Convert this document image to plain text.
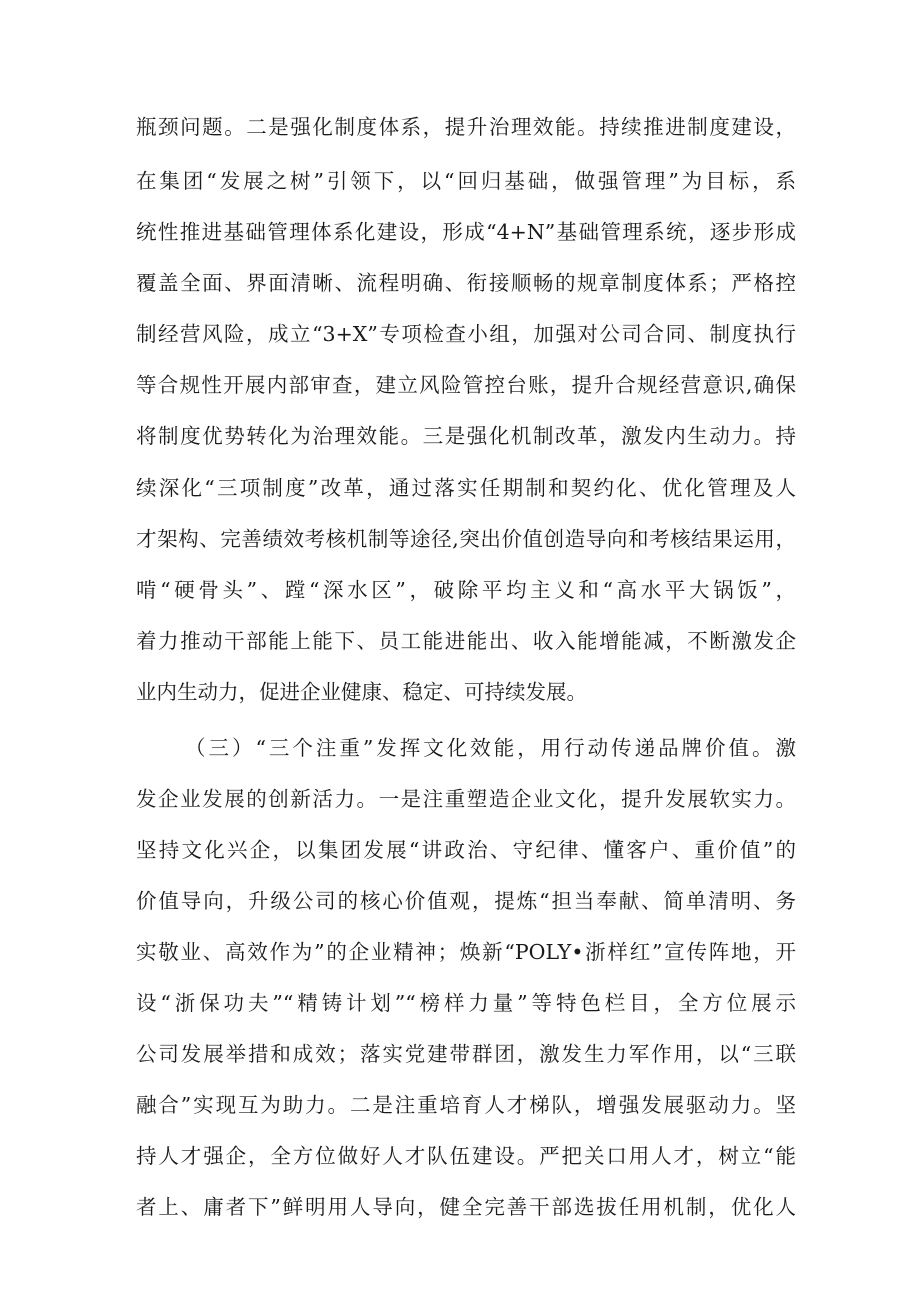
瓶颈问题。二是强化制度体系，提升治理效能。持续推进制度建设，
在集团“发展之树”引领下，以“回归基础，做强管理”为目标，系
统性推进基础管理体系化建设，形成“4+N”基础管理系统，逐步形成
覆盖全面、界面清晰、流程明确、衔接顺畅的规章制度体系；严格控
制经营风险，成立“3+X”专项检查小组，加强对公司合同、制度执行
等合规性开展内部审查，建立风险管控台账，提升合规经营意识,确保
将制度优势转化为治理效能。三是强化机制改革，激发内生动力。持
续深化“三项制度”改革，通过落实任期制和契约化、优化管理及人
才架构、完善绩效考核机制等途径,突出价值创造导向和考核结果运用，
啃“硬骨头”、蹚“深水区”，破除平均主义和“高水平大锅饭”，
着力推动干部能上能下、员工能进能出、收入能增能减，不断激发企
业内生动力，促进企业健康、稳定、可持续发展。
（三）“三个注重”发挥文化效能，用行动传递品牌价值。激
发企业发展的创新活力。一是注重塑造企业文化，提升发展软实力。
坚持文化兴企，以集团发展“讲政治、守纪律、懂客户、重价值”的
价值导向，升级公司的核心价值观，提炼“担当奉献、简单清明、务
实敬业、高效作为”的企业精神；焕新“POLY•浙样红”宣传阵地，开
设“浙保功夫”“精铸计划”“榜样力量”等特色栏目，全方位展示
公司发展举措和成效；落实党建带群团，激发生力军作用，以“三联
融合”实现互为助力。二是注重培育人才梯队，增强发展驱动力。坚
持人才强企，全方位做好人才队伍建设。严把关口用人才，树立“能
者上、庸者下”鲜明用人导向，健全完善干部选拔任用机制，优化人
